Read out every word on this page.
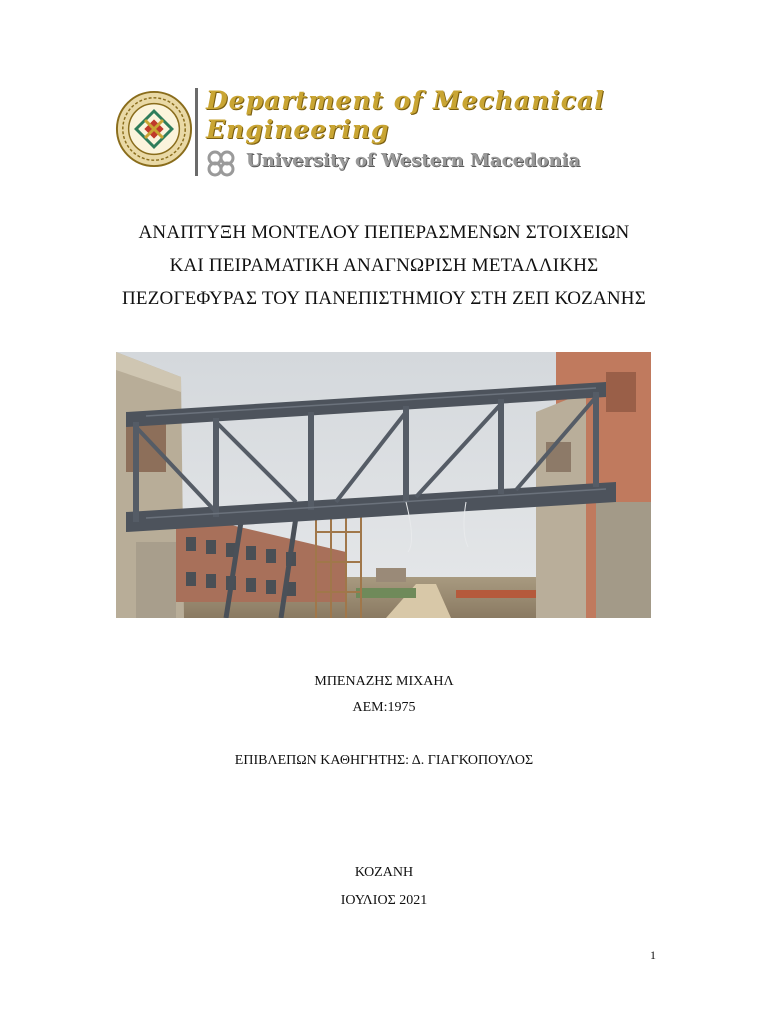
Department of Mechanical
Engineering
University of Western Macedonia
ΑΝΑΠΤΥΞΗ ΜΟΝΤΕΛΟΥ ΠΕΠΕΡΑΣΜΕΝΩΝ ΣΤΟΙΧΕΙΩΝ
ΚΑΙ ΠΕΙΡΑΜΑΤΙΚΗ ΑΝΑΓΝΩΡΙΣΗ ΜΕΤΑΛΛΙΚΗΣ
ΠΕΖΟΓΕΦΥΡΑΣ ΤΟΥ ΠΑΝΕΠΙΣΤΗΜΙΟΥ ΣΤΗ ΖΕΠ ΚΟΖΑΝΗΣ
ΜΠΕΝΑΖΗΣ ΜΙΧΑΗΛ
ΑΕΜ:1975
ΕΠΙΒΛΕΠΩΝ ΚΑΘΗΓΗΤΗΣ: Δ. ΓΙΑΓΚΟΠΟΥΛΟΣ
ΚΟΖΑΝΗ
ΙΟΥΛΙΟΣ 2021
1
